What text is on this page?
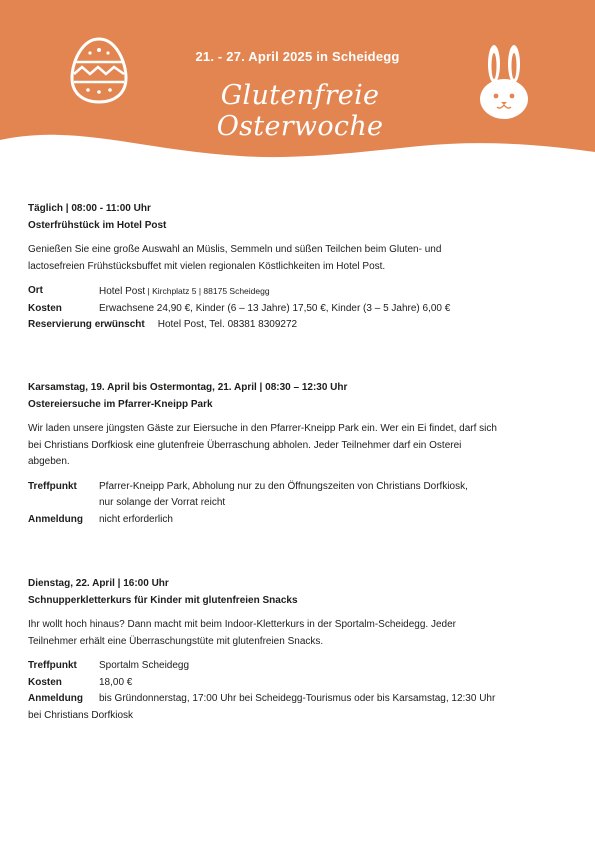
21. - 27. April 2025 in Scheidegg
Glutenfreie Osterwoche
Täglich | 08:00 - 11:00 Uhr
Osterfrühstück im Hotel Post
Genießen Sie eine große Auswahl an Müslis, Semmeln und süßen Teilchen beim Gluten- und
lactosefreien Frühstücksbuffet mit vielen regionalen Köstlichkeiten im Hotel Post.
Ort	Hotel Post | Kirchplatz 5 | 88175 Scheidegg
Kosten	Erwachsene 24,90 €, Kinder (6 – 13 Jahre) 17,50 €, Kinder (3 – 5 Jahre) 6,00 €
Reservierung erwünscht Hotel Post, Tel. 08381 8309272
Karsamstag, 19. April bis Ostermontag, 21. April | 08:30 – 12:30 Uhr
Ostereiersuche im Pfarrer-Kneipp Park
Wir laden unsere jüngsten Gäste zur Eiersuche in den Pfarrer-Kneipp Park ein. Wer ein Ei findet, darf sich
bei Christians Dorfkiosk eine glutenfreie Überraschung abholen. Jeder Teilnehmer darf ein Osterei
abgeben.
Treffpunkt	Pfarrer-Kneipp Park, Abholung nur zu den Öffnungszeiten von Christians Dorfkiosk,
nur solange der Vorrat reicht
Anmeldung	nicht erforderlich
Dienstag, 22. April | 16:00 Uhr
Schnupperkletterkurs für Kinder mit glutenfreien Snacks
Ihr wollt hoch hinaus? Dann macht mit beim Indoor-Kletterkurs in der Sportalm-Scheidegg. Jeder
Teilnehmer erhält eine Überraschungstüte mit glutenfreien Snacks.
Treffpunkt	Sportalm Scheidegg
Kosten	18,00 €
Anmeldung bis Gründonnerstag, 17:00 Uhr bei Scheidegg-Tourismus oder bis Karsamstag, 12:30 Uhr
bei Christians Dorfkiosk
